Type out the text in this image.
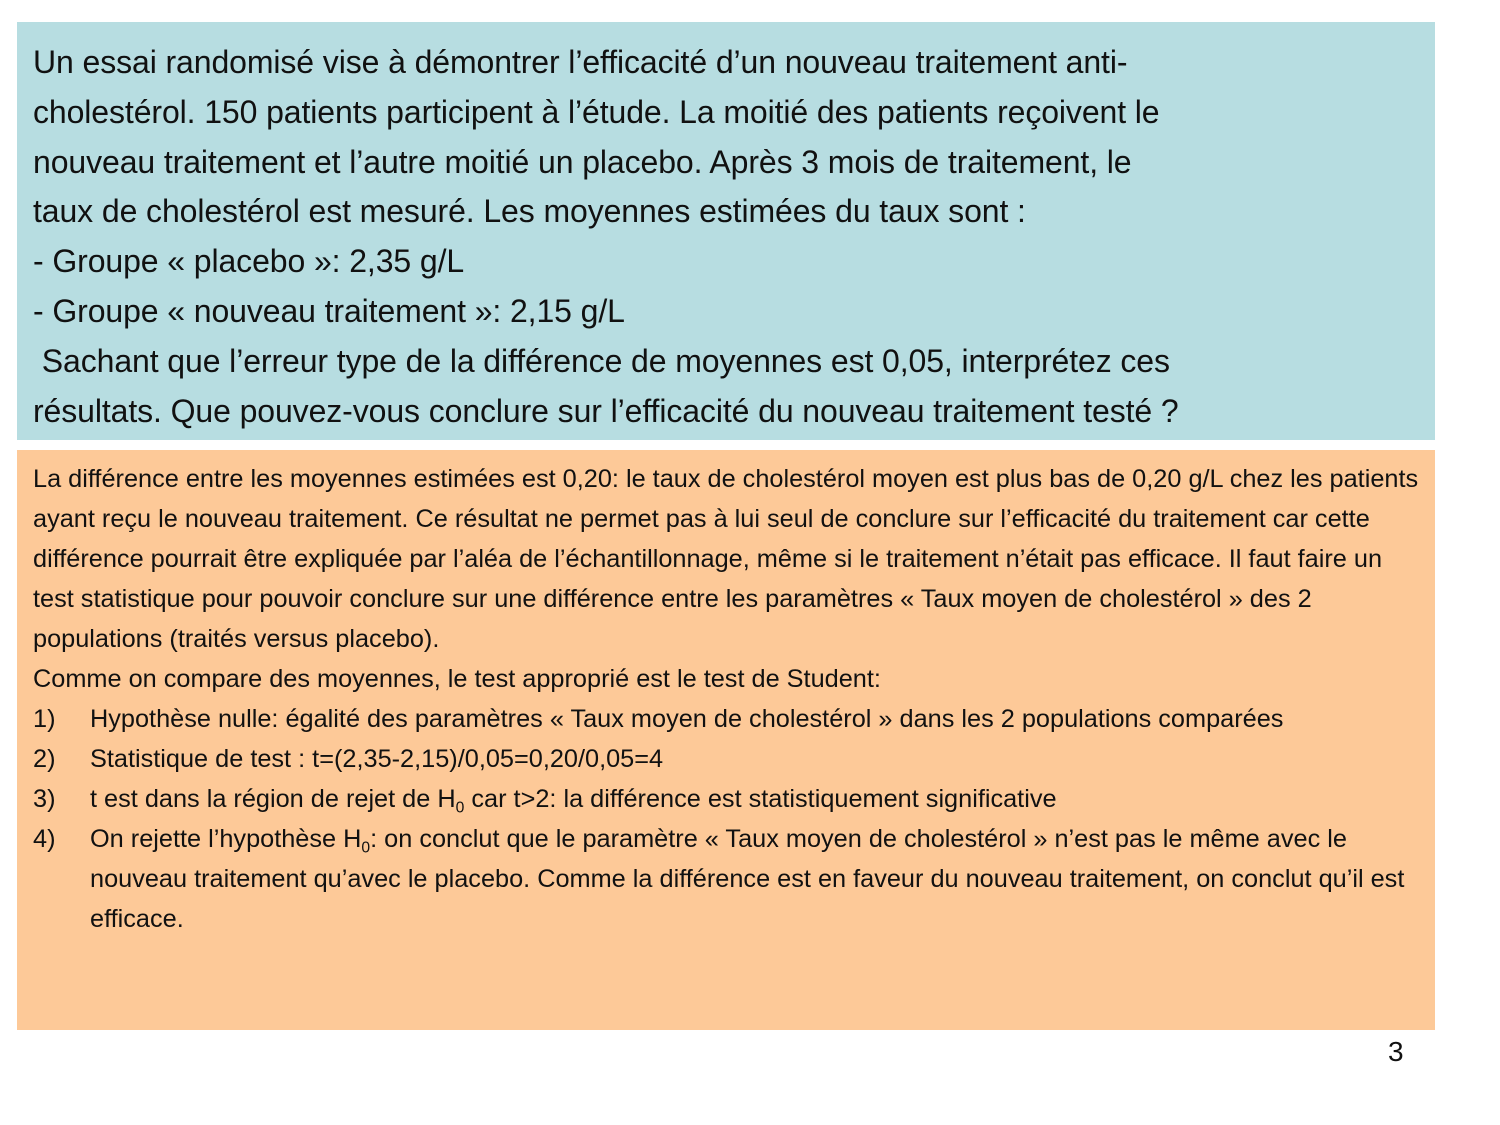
Un essai randomisé vise à démontrer l’efficacité d’un nouveau traitement anti-
cholestérol. 150 patients participent à l’étude. La moitié des patients reçoivent le
nouveau traitement et l’autre moitié un placebo. Après 3 mois de traitement, le
taux de cholestérol est mesuré. Les moyennes estimées du taux sont :
- Groupe « placebo »: 2,35 g/L
- Groupe « nouveau traitement »: 2,15 g/L
Sachant que l’erreur type de la différence de moyennes est 0,05, interprétez ces
résultats. Que pouvez-vous conclure sur l’efficacité du nouveau traitement testé ?

La différence entre les moyennes estimées est 0,20: le taux de cholestérol moyen est plus bas de 0,20 g/L chez les patients ayant reçu le nouveau traitement. Ce résultat ne permet pas à lui seul de conclure sur l’efficacité du traitement car cette différence pourrait être expliquée par l’aléa de l’échantillonnage, même si le traitement n’était pas efficace. Il faut faire un test statistique pour pouvoir conclure sur une différence entre les paramètres « Taux moyen de cholestérol » des 2 populations (traités versus placebo).

Comme on compare des moyennes, le test approprié est le test de Student:

1) Hypothèse nulle: égalité des paramètres « Taux moyen de cholestérol » dans les 2 populations comparées
2) Statistique de test : t=(2,35-2,15)/0,05=0,20/0,05=4
3) t est dans la région de rejet de $H_0$ car t>2: la différence est statistiquement significative
4) On rejette l’hypothèse $H_0$: on conclut que le paramètre « Taux moyen de cholestérol » n’est pas le même avec le nouveau traitement qu’avec le placebo. Comme la différence est en faveur du nouveau traitement, on conclut qu’il est efficace.
3
